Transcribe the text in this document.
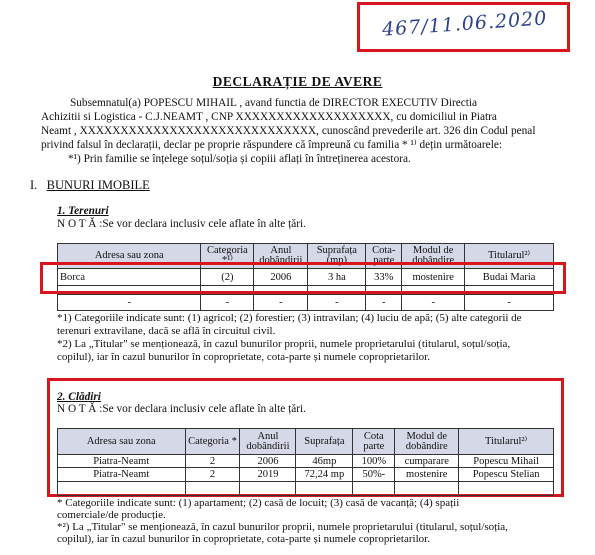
467/11.06.2020
DECLARAȚIE DE AVERE
Subsemnatul(a) POPESCU MIHAIL , avand functia de DIRECTOR EXECUTIV Directia
Achizitii si Logistica - C.J.NEAMT , CNP XXXXXXXXXXXXXXXXXXX, cu domiciliul in Piatra
Neamt , XXXXXXXXXXXXXXXXXXXXXXXXXXXXX, cunoscând prevederile art. 326 din Codul penal
privind falsul în declarații, declar pe proprie răspundere că împreună cu familia * ¹⁾ dețin următoarele:
*¹) Prin familie se înțelege soțul/soția și copiii aflați în întreținerea acestora.
I. BUNURI IMOBILE
1. Terenuri
N O T Ă :Se vor declara inclusiv cele aflate în alte țări.
Adresa sau zona	Categoria *¹⁾	Anul dobândirii	Suprafața (mp)	Cota-parte	Modul de dobândire	Titularul²⁾
Borca	(2)	2006	3 ha	33%	mostenire	Budai Maria

-	-	-	-	-	-	-
*1) Categoriile indicate sunt: (1) agricol; (2) forestier; (3) intravilan; (4) luciu de apă; (5) alte categorii de
terenuri extravilane, dacă se află în circuitul civil.
*2) La „Titular" se menționează, în cazul bunurilor proprii, numele proprietarului (titularul, soțul/soția,
copilul), iar în cazul bunurilor în coproprietate, cota-parte și numele coproprietarilor.
2. Clădiri
N O T Ă :Se vor declara inclusiv cele aflate în alte țări.
Adresa sau zona	Categoria *	Anul dobândirii	Suprafața	Cota parte	Modul de dobândire	Titularul²⁾
Piatra-Neamt	2	2006	46mp	100%	cumparare	Popescu Mihail
Piatra-Neamt	2	2019	72,24 mp	50%-	mostenire	Popescu Stelian

* Categoriile indicate sunt: (1) apartament; (2) casă de locuit; (3) casă de vacanță; (4) spații
comerciale/de producție.
*²) La „Titular" se menționează, în cazul bunurilor proprii, numele proprietarului (titularul, soțul/soția,
copilul), iar în cazul bunurilor în coproprietate, cota-parte și numele coproprietarilor.
